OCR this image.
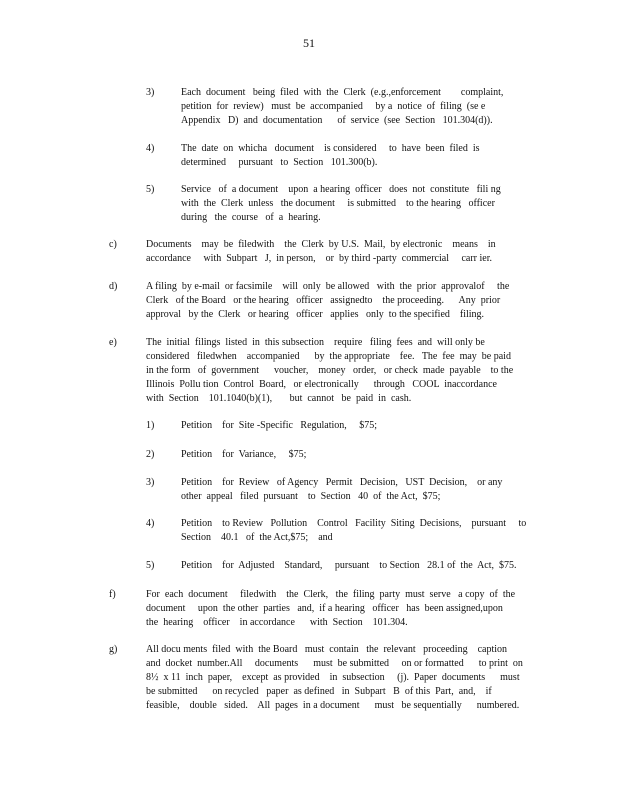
51
3)	Each  document   being  filed  with  the  Clerk  (e.g.,enforcement        complaint,
petition  for  review)   must  be  accompanied     by a  notice  of  filing  (se e
Appendix   D)  and  documentation      of  service  (see  Section   101.304(d)).
4)	The  date  on  whicha   document    is considered     to  have  been  filed  is
determined     pursuant   to  Section   101.300(b).
5)	Service   of  a document    upon  a hearing  officer   does  not  constitute   fili ng
with  the  Clerk  unless   the document     is submitted    to the hearing   officer
during   the  course   of  a  hearing.
c)	Documents    may  be  filedwith    the  Clerk  by U.S.  Mail,  by electronic    means    in
accordance     with  Subpart   J,  in person,    or  by third -party  commercial     carr ier.
d)	A filing  by e-mail  or facsimile    will  only  be allowed   with  the  prior  approvalof     the
Clerk   of the Board   or the hearing   officer   assignedto    the proceeding.      Any  prior
approval   by the  Clerk   or hearing   officer   applies   only  to the specified    filing.
e)	The  initial  filings  listed  in  this subsection    require   filing  fees  and  will only be
considered   filedwhen    accompanied      by  the appropriate    fee.   The  fee  may  be paid
in the form   of  government      voucher,    money   order,   or check  made  payable    to the
Illinois  Pollu tion  Control  Board,   or electronically      through   COOL  inaccordance
with  Section    101.1040(b)(1),       but  cannot   be  paid  in  cash.
1)	Petition    for  Site -Specific   Regulation,     $75;
2)	Petition    for  Variance,     $75;
3)	Petition    for  Review   of Agency   Permit   Decision,   UST  Decision,    or any
other  appeal   filed  pursuant    to  Section   40  of  the Act,  $75;
4)	Petition    to Review   Pollution    Control   Facility  Siting  Decisions,    pursuant     to
Section    40.1   of  the Act,$75;    and
5)	Petition    for  Adjusted    Standard,     pursuant    to Section   28.1 of  the  Act,  $75.
f)	For  each  document     filedwith    the  Clerk,   the  filing  party  must  serve   a copy  of  the
document     upon  the other  parties   and,  if a hearing   officer   has  been assigned,upon
the  hearing    officer    in accordance      with  Section    101.304.
g)	All docu ments  filed  with  the Board   must  contain   the  relevant   proceeding    caption
and  docket  number.All     documents      must  be submitted     on or formatted      to print  on
8½  x 11  inch  paper,    except  as provided    in  subsection     (j).  Paper  documents      must
be submitted      on recycled   paper  as defined   in  Subpart   B  of this  Part,  and,    if
feasible,    double   sided.    All  pages  in a document      must   be sequentially      numbered.
